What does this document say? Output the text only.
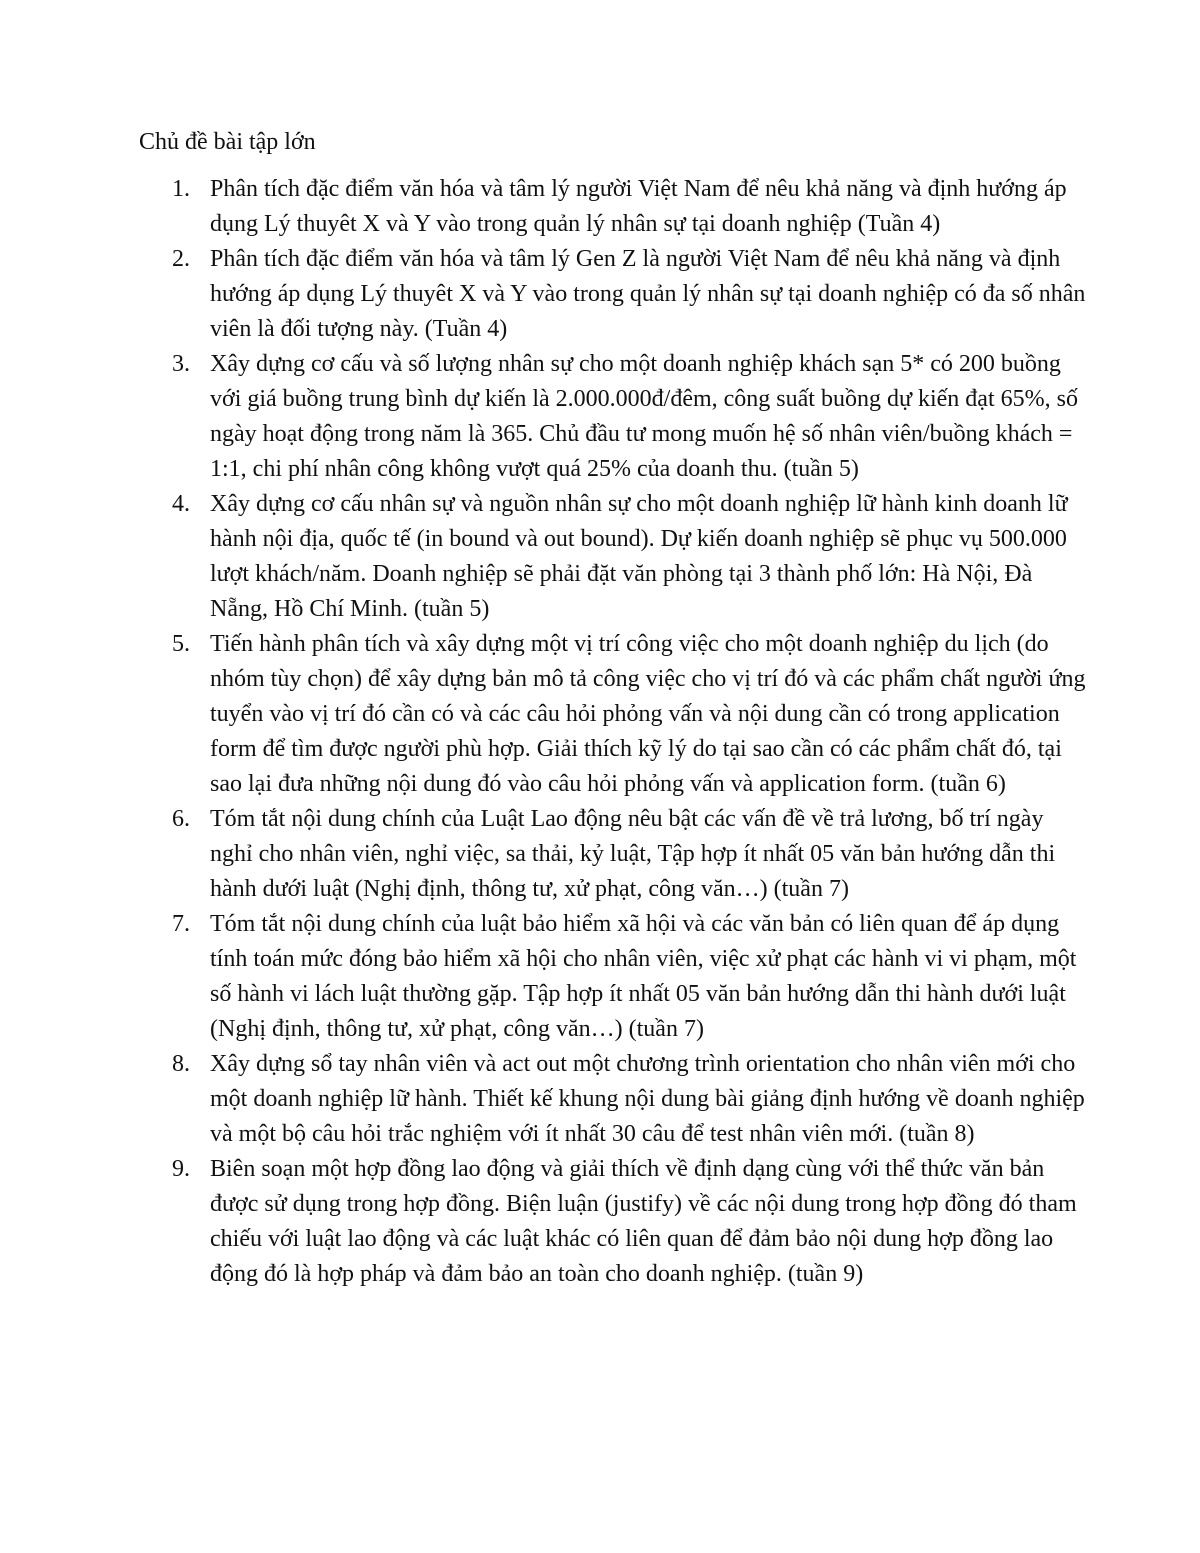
Chủ đề bài tập lớn
1. Phân tích đặc điểm văn hóa và tâm lý người Việt Nam để nêu khả năng và định hướng áp dụng Lý thuyêt X và Y vào trong quản lý nhân sự tại doanh nghiệp (Tuần 4)
2. Phân tích đặc điểm văn hóa và tâm lý Gen Z là người Việt Nam để nêu khả năng và định hướng áp dụng Lý thuyêt X và Y vào trong quản lý nhân sự tại doanh nghiệp có đa số nhân viên là đối tượng này. (Tuần 4)
3. Xây dựng cơ cấu và số lượng nhân sự cho một doanh nghiệp khách sạn 5* có 200 buồng với giá buồng trung bình dự kiến là 2.000.000đ/đêm, công suất buồng dự kiến đạt 65%, số ngày hoạt động trong năm là 365. Chủ đầu tư mong muốn hệ số nhân viên/buồng khách = 1:1, chi phí nhân công không vượt quá 25% của doanh thu. (tuần 5)
4. Xây dựng cơ cấu nhân sự và nguồn nhân sự cho một doanh nghiệp lữ hành kinh doanh lữ hành nội địa, quốc tế (in bound và out bound). Dự kiến doanh nghiệp sẽ phục vụ 500.000 lượt khách/năm. Doanh nghiệp sẽ phải đặt văn phòng tại 3 thành phố lớn: Hà Nội, Đà Nẵng, Hồ Chí Minh. (tuần 5)
5. Tiến hành phân tích và xây dựng một vị trí công việc cho một doanh nghiệp du lịch (do nhóm tùy chọn) để xây dựng bản mô tả công việc cho vị trí đó và các phẩm chất người ứng tuyển vào vị trí đó cần có và các câu hỏi phỏng vấn và nội dung cần có trong application form để tìm được người phù hợp. Giải thích kỹ lý do tại sao cần có các phẩm chất đó, tại sao lại đưa những nội dung đó vào câu hỏi phỏng vấn và application form. (tuần 6)
6. Tóm tắt nội dung chính của Luật Lao động nêu bật các vấn đề về trả lương, bố trí ngày nghỉ cho nhân viên, nghỉ việc, sa thải, kỷ luật, Tập hợp ít nhất 05 văn bản hướng dẫn thi hành dưới luật (Nghị định, thông tư, xử phạt, công văn…) (tuần 7)
7. Tóm tắt nội dung chính của luật bảo hiểm xã hội và các văn bản có liên quan để áp dụng tính toán mức đóng bảo hiểm xã hội cho nhân viên, việc xử phạt các hành vi vi phạm, một số hành vi lách luật thường gặp. Tập hợp ít nhất 05 văn bản hướng dẫn thi hành dưới luật (Nghị định, thông tư, xử phạt, công văn…) (tuần 7)
8. Xây dựng sổ tay nhân viên và act out một chương trình orientation cho nhân viên mới cho một doanh nghiệp lữ hành. Thiết kế khung nội dung bài giảng định hướng về doanh nghiệp và một bộ câu hỏi trắc nghiệm với ít nhất 30 câu để test nhân viên mới. (tuần 8)
9. Biên soạn một hợp đồng lao động và giải thích về định dạng cùng với thể thức văn bản được sử dụng trong hợp đồng. Biện luận (justify) về các nội dung trong hợp đồng đó tham chiếu với luật lao động và các luật khác có liên quan để đảm bảo nội dung hợp đồng lao động đó là hợp pháp và đảm bảo an toàn cho doanh nghiệp. (tuần 9)
